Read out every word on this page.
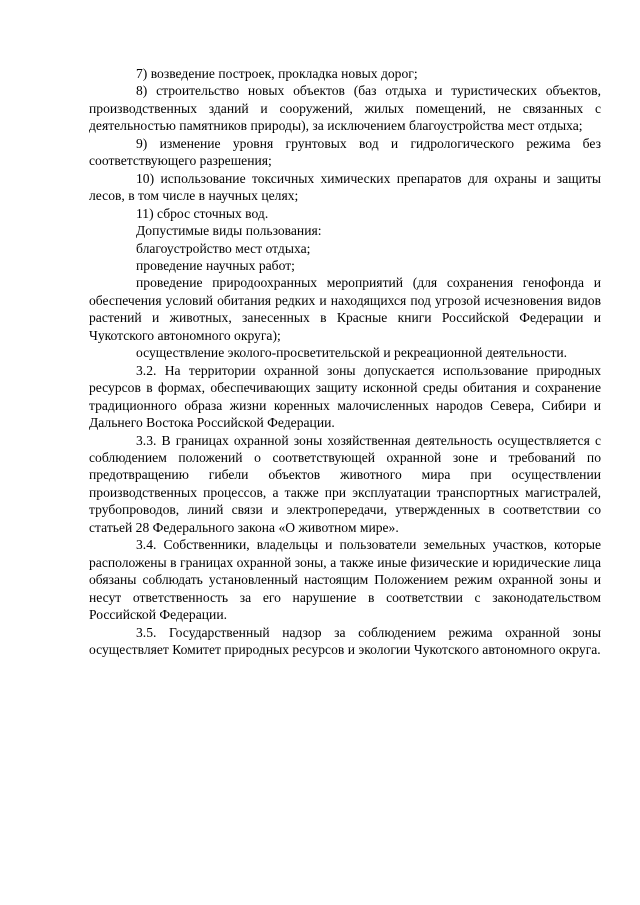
7) возведение построек, прокладка новых дорог;

8) строительство новых объектов (баз отдыха и туристических объектов, производственных зданий и сооружений, жилых помещений, не связанных с деятельностью памятников природы), за исключением благоустройства мест отдыха;

9) изменение уровня грунтовых вод и гидрологического режима без соответствующего разрешения;

10) использование токсичных химических препаратов для охраны и защиты лесов, в том числе в научных целях;

11) сброс сточных вод.

Допустимые виды пользования:

благоустройство мест отдыха;

проведение научных работ;

проведение природоохранных мероприятий (для сохранения генофонда и обеспечения условий обитания редких и находящихся под угрозой исчезновения видов растений и животных, занесенных в Красные книги Российской Федерации и Чукотского автономного округа);

осуществление эколого-просветительской и рекреационной деятельности.

3.2. На территории охранной зоны допускается использование природных ресурсов в формах, обеспечивающих защиту исконной среды обитания и сохранение традиционного образа жизни коренных малочисленных народов Севера, Сибири и Дальнего Востока Российской Федерации.

3.3. В границах охранной зоны хозяйственная деятельность осуществляется с соблюдением положений о соответствующей охранной зоне и требований по предотвращению гибели объектов животного мира при осуществлении производственных процессов, а также при эксплуатации транспортных магистралей, трубопроводов, линий связи и электропередачи, утвержденных в соответствии со статьей 28 Федерального закона «О животном мире».

3.4. Собственники, владельцы и пользователи земельных участков, которые расположены в границах охранной зоны, а также иные физические и юридические лица обязаны соблюдать установленный настоящим Положением режим охранной зоны и несут ответственность за его нарушение в соответствии с законодательством Российской Федерации.

3.5. Государственный надзор за соблюдением режима охранной зоны осуществляет Комитет природных ресурсов и экологии Чукотского автономного округа.
